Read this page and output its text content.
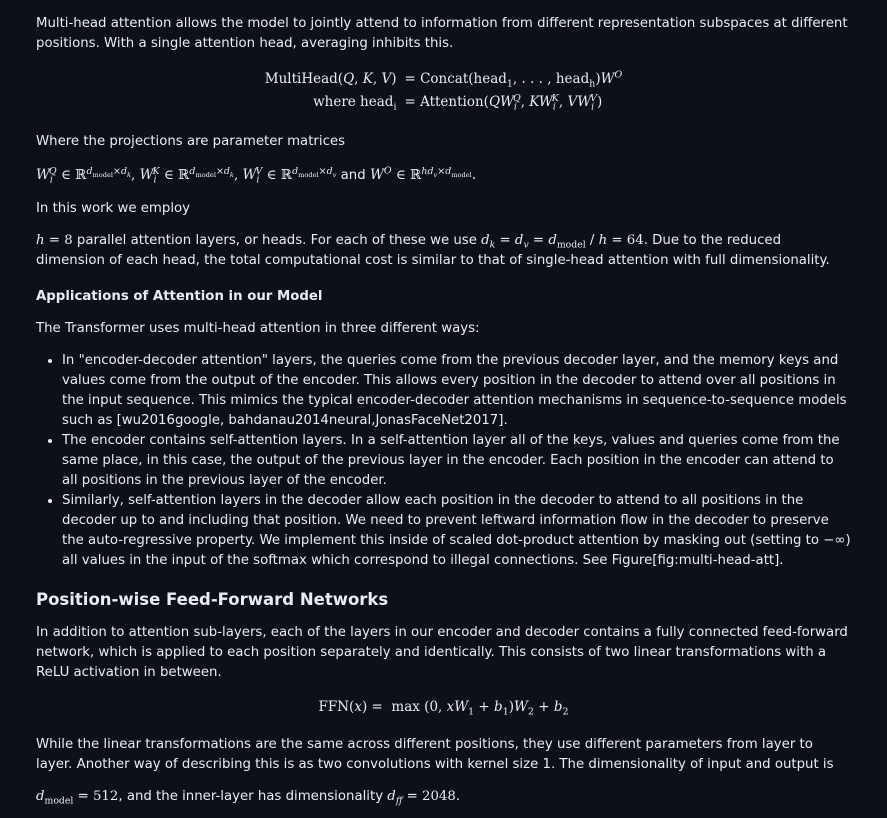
Multi-head attention allows the model to jointly attend to information from different representation subspaces at different positions. With a single attention head, averaging inhibits this.

MultiHead(Q, K, V)	= Concat(head$_1$, . . . , $head_h)W^O$
where head$_i$	= $Attention(QW_i^Q$, $KW_i^K$, $VW_i^V$)

Where the projections are parameter matrices

$W_i^Q$ ∈ ℝ$^{d_{model}\times d_k}$, $W_i^K$ ∈ ℝ$^{d_{model}\times d_k}$, $W_i^V$ ∈ ℝ$^{d_{model}\times d_v}$ and $W^O$ ∈ ℝ$^{hd_v\times d_{model}}$.

In this work we employ

h = 8 parallel attention layers, or heads. For each of these we use $d_k = d_v = d_{model} / h = 64$. Due to the reduced dimension of each head, the total computational cost is similar to that of single-head attention with full dimensionality.

Applications of Attention in our Model

The Transformer uses multi-head attention in three different ways:

• In "encoder-decoder attention" layers, the queries come from the previous decoder layer, and the memory keys and values come from the output of the encoder. This allows every position in the decoder to attend over all positions in the input sequence. This mimics the typical encoder-decoder attention mechanisms in sequence-to-sequence models such as [wu2016google, bahdanau2014neural,JonasFaceNet2017].
• The encoder contains self-attention layers. In a self-attention layer all of the keys, values and queries come from the same place, in this case, the output of the previous layer in the encoder. Each position in the encoder can attend to all positions in the previous layer of the encoder.
• Similarly, self-attention layers in the decoder allow each position in the decoder to attend to all positions in the decoder up to and including that position. We need to prevent leftward information flow in the decoder to preserve the auto-regressive property. We implement this inside of scaled dot-product attention by masking out (setting to −∞) all values in the input of the softmax which correspond to illegal connections. See Figure[fig:multi-head-att].
Position-wise Feed-Forward Networks

In addition to attention sub-layers, each of the layers in our encoder and decoder contains a fully connected feed-forward network, which is applied to each position separately and identically. This consists of two linear transformations with a ReLU activation in between.

FFN(x) =  max (0, $xW_1 + b_1)W_2 + b_2$

While the linear transformations are the same across different positions, they use different parameters from layer to layer. Another way of describing this is as two convolutions with kernel size 1. The dimensionality of input and output is

$d_{model} = 512$, and the inner-layer has dimensionality $d_{ff} = 2048$.
